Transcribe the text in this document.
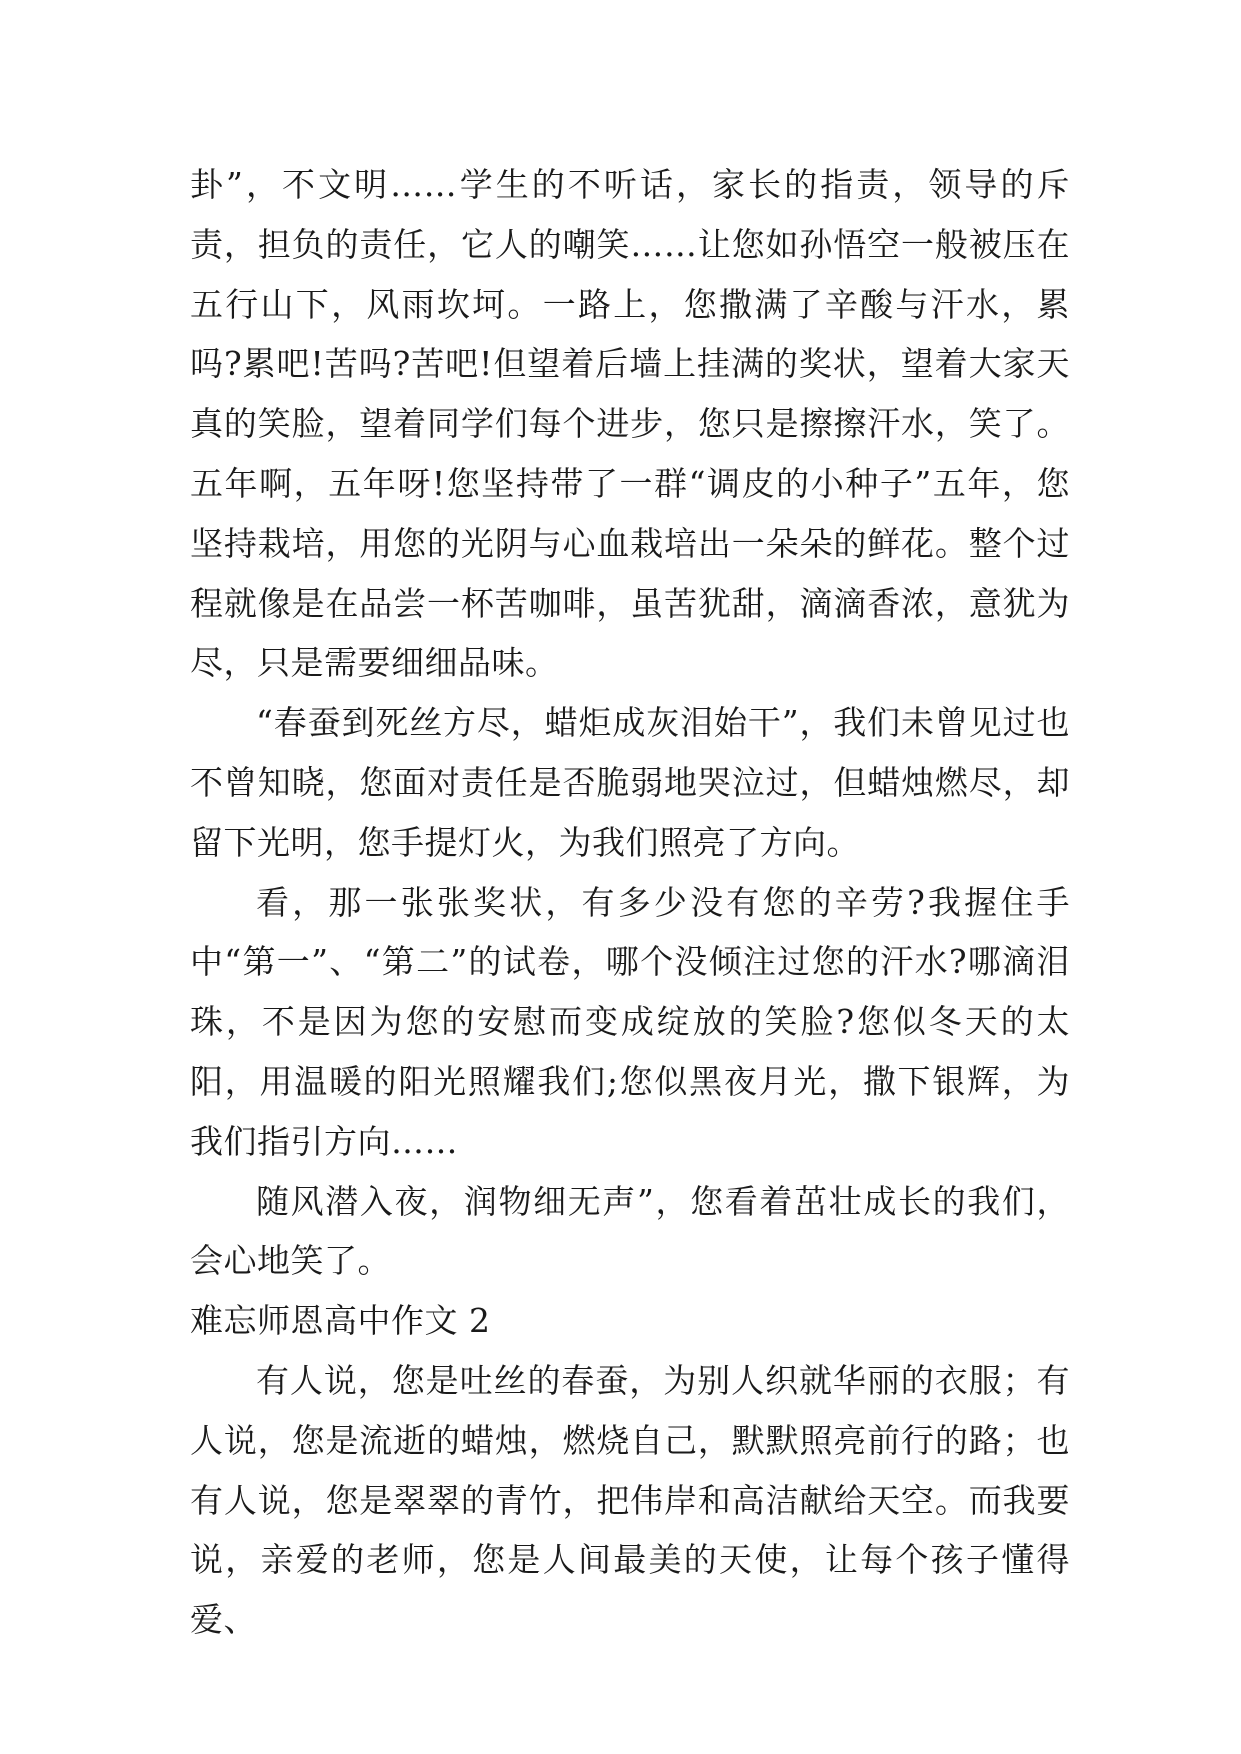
卦”，不文明……学生的不听话，家长的指责，领导的斥责，担负的责任，它人的嘲笑……让您如孙悟空一般被压在五行山下，风雨坎坷。一路上，您撒满了辛酸与汗水，累吗?累吧!苦吗?苦吧!但望着后墙上挂满的奖状，望着大家天真的笑脸，望着同学们每个进步，您只是擦擦汗水，笑了。五年啊，五年呀!您坚持带了一群“调皮的小种子”五年，您坚持栽培，用您的光阴与心血栽培出一朵朵的鲜花。整个过程就像是在品尝一杯苦咖啡，虽苦犹甜，滴滴香浓，意犹为尽，只是需要细细品味。

“春蚕到死丝方尽，蜡炬成灰泪始干”，我们未曾见过也不曾知晓，您面对责任是否脆弱地哭泣过，但蜡烛燃尽，却留下光明，您手提灯火，为我们照亮了方向。

看，那一张张奖状，有多少没有您的辛劳?我握住手中“第一”、“第二”的试卷，哪个没倾注过您的汗水?哪滴泪珠，不是因为您的安慰而变成绽放的笑脸?您似冬天的太阳，用温暖的阳光照耀我们;您似黑夜月光，撒下银辉，为我们指引方向……

随风潜入夜，润物细无声”，您看着茁壮成长的我们，会心地笑了。

难忘师恩高中作文 2

有人说，您是吐丝的春蚕，为别人织就华丽的衣服；有人说，您是流逝的蜡烛，燃烧自己，默默照亮前行的路；也有人说，您是翠翠的青竹，把伟岸和高洁献给天空。而我要说，亲爱的老师，您是人间最美的天使，让每个孩子懂得爱、
